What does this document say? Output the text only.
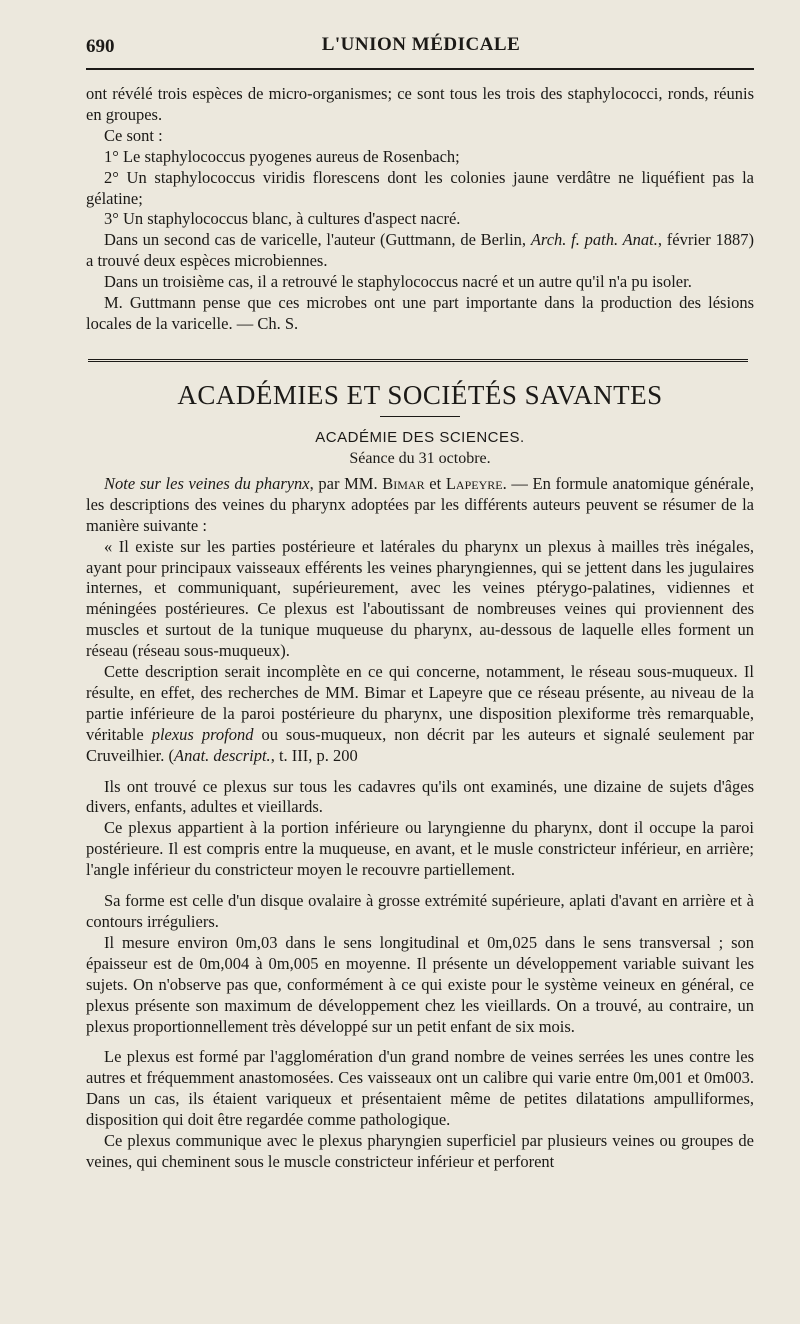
690	L'UNION MÉDICALE

ont révélé trois espèces de micro-organismes; ce sont tous les trois des staphylococci, ronds, réunis en groupes.

Ce sont :

1° Le staphylococcus pyogenes aureus de Rosenbach;

2° Un staphylococcus viridis florescens dont les colonies jaune verdâtre ne liquéfient pas la gélatine;

3° Un staphylococcus blanc, à cultures d'aspect nacré.

Dans un second cas de varicelle, l'auteur (Guttmann, de Berlin, Arch. f. path. Anat., février 1887) a trouvé deux espèces microbiennes.

Dans un troisième cas, il a retrouvé le staphylococcus nacré et un autre qu'il n'a pu isoler.

M. Guttmann pense que ces microbes ont une part importante dans la production des lésions locales de la varicelle. — Ch. S.

ACADÉMIES ET SOCIÉTÉS SAVANTES
ACADÉMIE DES SCIENCES.
Séance du 31 octobre.

Note sur les veines du pharynx, par MM. Bimar et Lapeyre. — En formule anatomique générale, les descriptions des veines du pharynx adoptées par les différents auteurs peuvent se résumer de la manière suivante :

« Il existe sur les parties postérieure et latérales du pharynx un plexus à mailles très inégales, ayant pour principaux vaisseaux efférents les veines pharyngiennes, qui se jettent dans les jugulaires internes, et communiquant, supérieurement, avec les veines ptérygo-palatines, vidiennes et méningées postérieures. Ce plexus est l'aboutissant de nombreuses veines qui proviennent des muscles et surtout de la tunique muqueuse du pharynx, au-dessous de laquelle elles forment un réseau (réseau sous-muqueux).

Cette description serait incomplète en ce qui concerne, notamment, le réseau sous-muqueux. Il résulte, en effet, des recherches de MM. Bimar et Lapeyre que ce réseau présente, au niveau de la partie inférieure de la paroi postérieure du pharynx, une disposition plexiforme très remarquable, véritable plexus profond ou sous-muqueux, non décrit par les auteurs et signalé seulement par Cruveilhier. (Anat. descript., t. III, p. 200

Ils ont trouvé ce plexus sur tous les cadavres qu'ils ont examinés, une dizaine de sujets d'âges divers, enfants, adultes et vieillards.

Ce plexus appartient à la portion inférieure ou laryngienne du pharynx, dont il occupe la paroi postérieure. Il est compris entre la muqueuse, en avant, et le musle constricteur inférieur, en arrière; l'angle inférieur du constricteur moyen le recouvre partiellement.

Sa forme est celle d'un disque ovalaire à grosse extrémité supérieure, aplati d'avant en arrière et à contours irréguliers.

Il mesure environ 0m,03 dans le sens longitudinal et 0m,025 dans le sens transversal ; son épaisseur est de 0m,004 à 0m,005 en moyenne. Il présente un développement variable suivant les sujets. On n'observe pas que, conformément à ce qui existe pour le système veineux en général, ce plexus présente son maximum de développement chez les vieillards. On a trouvé, au contraire, un plexus proportionnellement très développé sur un petit enfant de six mois.

Le plexus est formé par l'agglomération d'un grand nombre de veines serrées les unes contre les autres et fréquemment anastomosées. Ces vaisseaux ont un calibre qui varie entre 0m,001 et 0m003. Dans un cas, ils étaient variqueux et présentaient même de petites dilatations ampulliformes, disposition qui doit être regardée comme pathologique.

Ce plexus communique avec le plexus pharyngien superficiel par plusieurs veines ou groupes de veines, qui cheminent sous le muscle constricteur inférieur et perforent
